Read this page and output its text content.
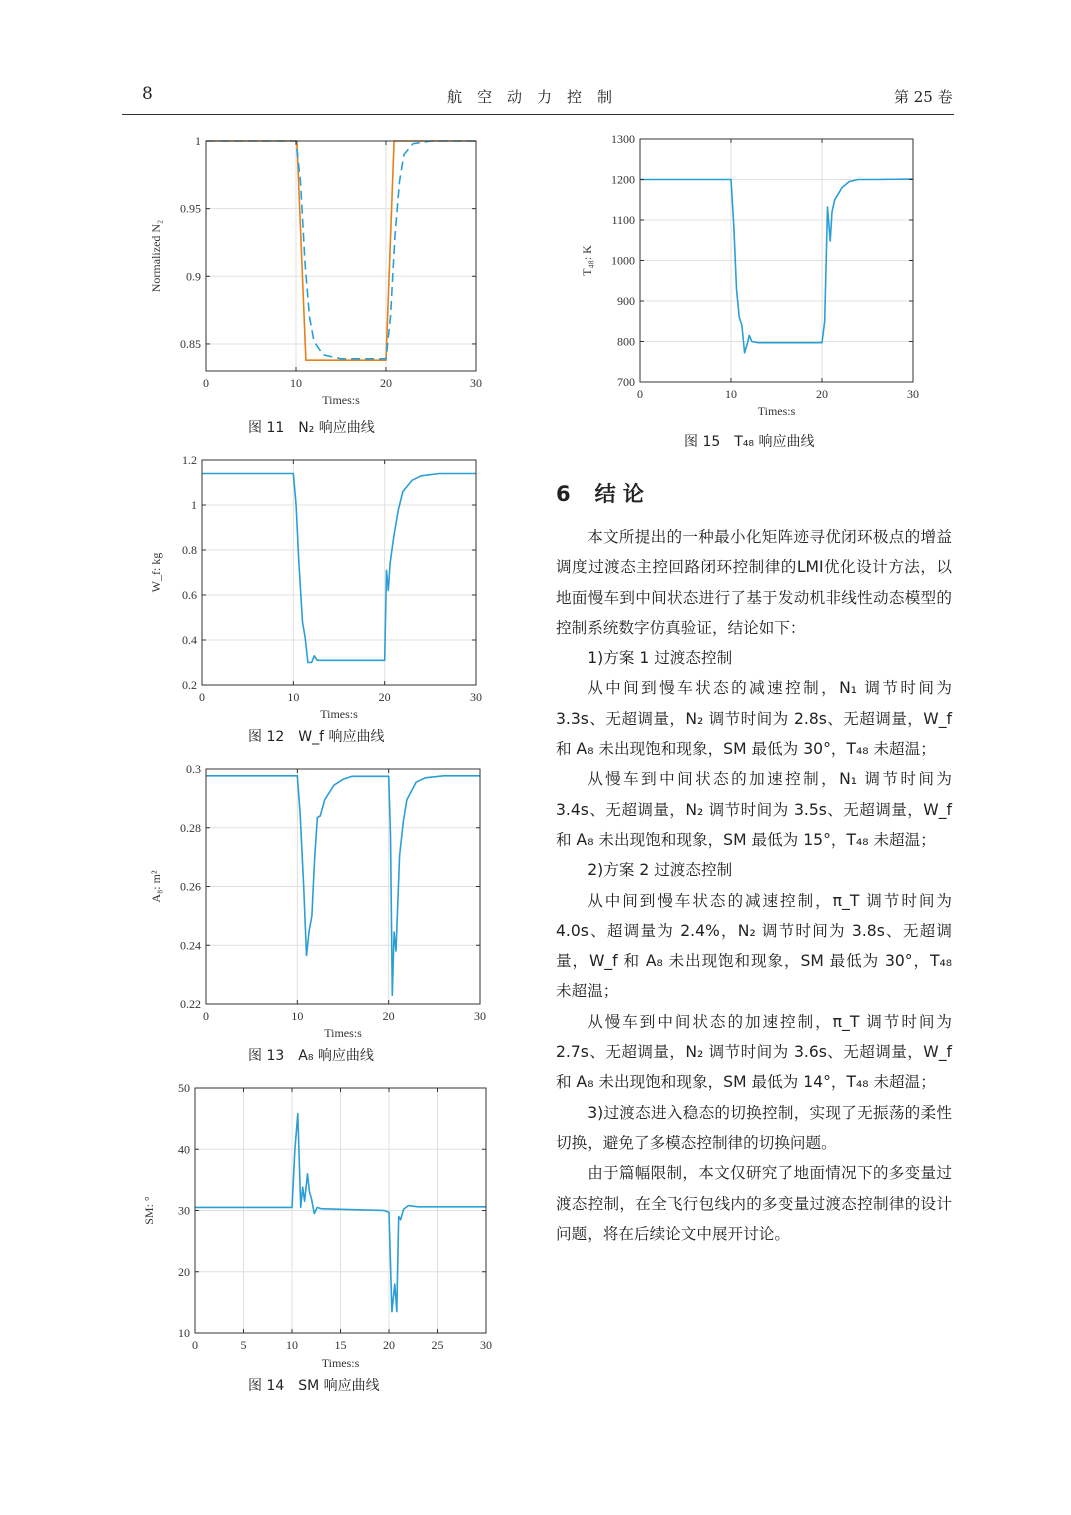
8	航空动力控制	第 25 卷
0	10	20	30
0.85
0.9
0.95
1
Times:s
Normalized N₂
0	10	20	30
0.2
0.4
0.6
0.8
1
1.2
Times:s
W_f: kg
0	10	20	30
0.22
0.24
0.26
0.28
0.3
Times:s
A₈: m²
0	5	10	15	20	25	30
10
20
30
40
50
Times:s
SM: °
0	10	20	30
700
800
900
1000
1100
1200
1300
Times:s
T₄₈: K
图 11　N₂ 响应曲线
图 12　W_f 响应曲线
图 13　A₈ 响应曲线
图 14　SM 响应曲线
图 15　T₄₈ 响应曲线
6 结 论

本文所提出的一种最小化矩阵迹寻优闭环极点的增益调度过渡态主控回路闭环控制律的LMI优化设计方法，以地面慢车到中间状态进行了基于发动机非线性动态模型的控制系统数字仿真验证，结论如下：

1)方案 1 过渡态控制

从中间到慢车状态的减速控制，N₁ 调节时间为 3.3s、无超调量，N₂ 调节时间为 2.8s、无超调量，W_f 和 A₈ 未出现饱和现象，SM 最低为 30°，T₄₈ 未超温；

从慢车到中间状态的加速控制，N₁ 调节时间为 3.4s、无超调量，N₂ 调节时间为 3.5s、无超调量，W_f 和 A₈ 未出现饱和现象，SM 最低为 15°，T₄₈ 未超温；

2)方案 2 过渡态控制

从中间到慢车状态的减速控制，π_T 调节时间为 4.0s、超调量为 2.4%，N₂ 调节时间为 3.8s、无超调量，W_f 和 A₈ 未出现饱和现象，SM 最低为 30°，T₄₈ 未超温；

从慢车到中间状态的加速控制，π_T 调节时间为 2.7s、无超调量，N₂ 调节时间为 3.6s、无超调量，W_f 和 A₈ 未出现饱和现象，SM 最低为 14°，T₄₈ 未超温；

3)过渡态进入稳态的切换控制，实现了无振荡的柔性切换，避免了多模态控制律的切换问题。

由于篇幅限制，本文仅研究了地面情况下的多变量过渡态控制，在全飞行包线内的多变量过渡态控制律的设计问题，将在后续论文中展开讨论。
